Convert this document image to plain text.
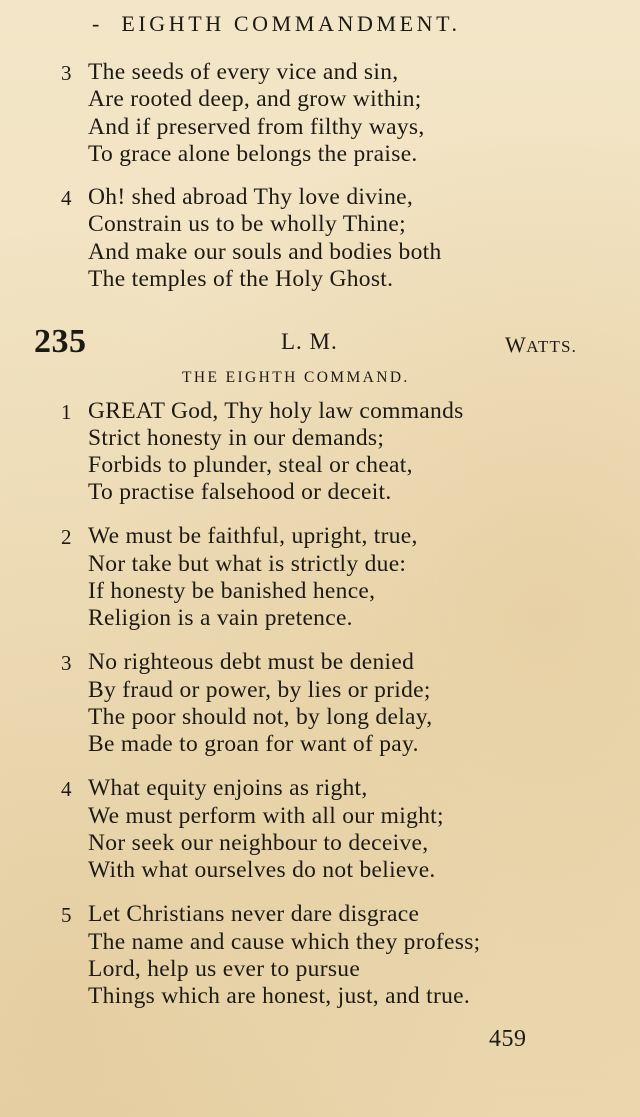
- EIGHTH COMMANDMENT.
3 The seeds of every vice and sin,
Are rooted deep, and grow within;
And if preserved from filthy ways,
To grace alone belongs the praise.
4 Oh! shed abroad Thy love divine,
Constrain us to be wholly Thine;
And make our souls and bodies both
The temples of the Holy Ghost.
235	L. M.	WATTS.
THE EIGHTH COMMAND.
1 GREAT God, Thy holy law commands
Strict honesty in our demands;
Forbids to plunder, steal or cheat,
To practise falsehood or deceit.
2 We must be faithful, upright, true,
Nor take but what is strictly due:
If honesty be banished hence,
Religion is a vain pretence.
3 No righteous debt must be denied
By fraud or power, by lies or pride;
The poor should not, by long delay,
Be made to groan for want of pay.
4 What equity enjoins as right,
We must perform with all our might;
Nor seek our neighbour to deceive,
With what ourselves do not believe.
5 Let Christians never dare disgrace
The name and cause which they profess;
Lord, help us ever to pursue
Things which are honest, just, and true.
459
